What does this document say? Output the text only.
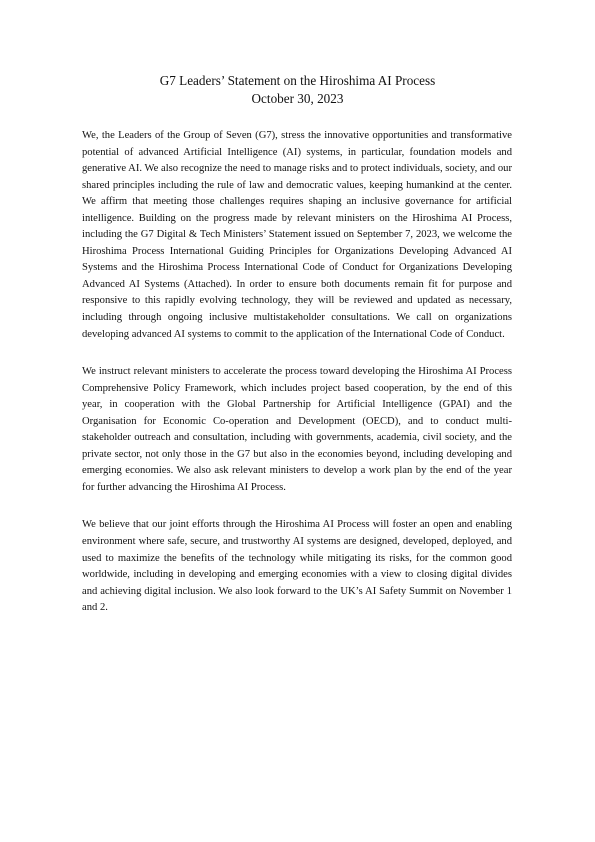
G7 Leaders’ Statement on the Hiroshima AI Process
October 30, 2023

We, the Leaders of the Group of Seven (G7), stress the innovative opportunities and transformative potential of advanced Artificial Intelligence (AI) systems, in particular, foundation models and generative AI. We also recognize the need to manage risks and to protect individuals, society, and our shared principles including the rule of law and democratic values, keeping humankind at the center. We affirm that meeting those challenges requires shaping an inclusive governance for artificial intelligence. Building on the progress made by relevant ministers on the Hiroshima AI Process, including the G7 Digital & Tech Ministers’ Statement issued on September 7, 2023, we welcome the Hiroshima Process International Guiding Principles for Organizations Developing Advanced AI Systems and the Hiroshima Process International Code of Conduct for Organizations Developing Advanced AI Systems (Attached). In order to ensure both documents remain fit for purpose and responsive to this rapidly evolving technology, they will be reviewed and updated as necessary, including through ongoing inclusive multistakeholder consultations. We call on organizations developing advanced AI systems to commit to the application of the International Code of Conduct.

We instruct relevant ministers to accelerate the process toward developing the Hiroshima AI Process Comprehensive Policy Framework, which includes project based cooperation, by the end of this year, in cooperation with the Global Partnership for Artificial Intelligence (GPAI) and the Organisation for Economic Co-operation and Development (OECD), and to conduct multi-stakeholder outreach and consultation, including with governments, academia, civil society, and the private sector, not only those in the G7 but also in the economies beyond, including developing and emerging economies. We also ask relevant ministers to develop a work plan by the end of the year for further advancing the Hiroshima AI Process.

We believe that our joint efforts through the Hiroshima AI Process will foster an open and enabling environment where safe, secure, and trustworthy AI systems are designed, developed, deployed, and used to maximize the benefits of the technology while mitigating its risks, for the common good worldwide, including in developing and emerging economies with a view to closing digital divides and achieving digital inclusion. We also look forward to the UK’s AI Safety Summit on November 1 and 2.
